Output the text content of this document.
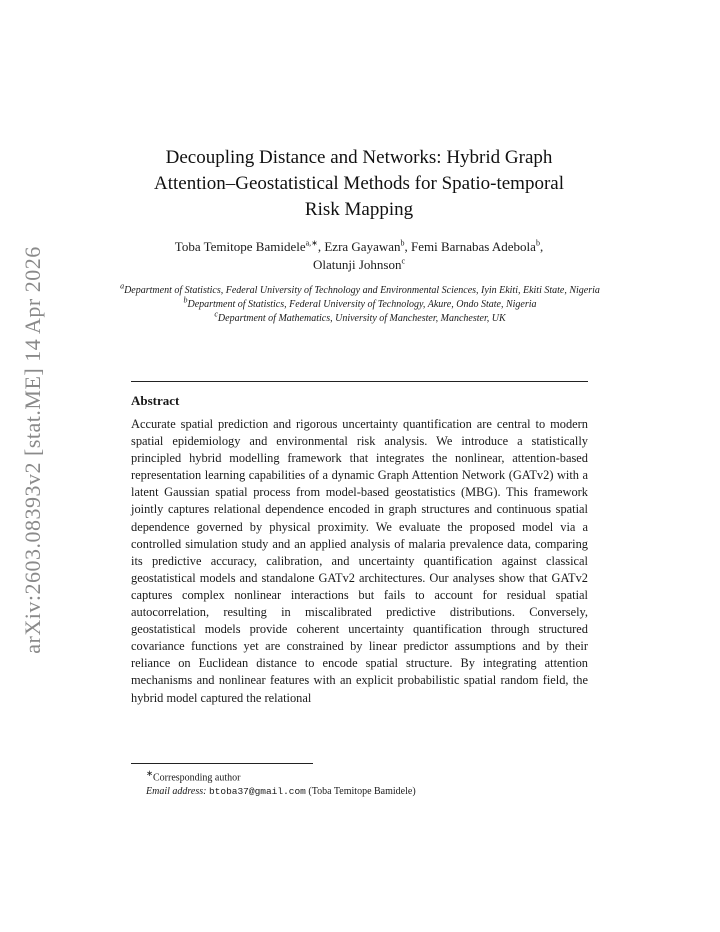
arXiv:2603.08393v2 [stat.ME] 14 Apr 2026
Decoupling Distance and Networks: Hybrid Graph
Attention–Geostatistical Methods for Spatio-temporal
Risk Mapping
Toba Temitope Bamidele$^{a,∗}$, Ezra Gayawan$^b$, Femi Barnabas Adebola$^b$,
Olatunji Johnson$^c$
$^a$Department of Statistics, Federal University of Technology and Environmental Sciences, Iyin Ekiti, Ekiti State, Nigeria
$^b$Department of Statistics, Federal University of Technology, Akure, Ondo State, Nigeria
$^c$Department of Mathematics, University of Manchester, Manchester, UK
Abstract
Accurate spatial prediction and rigorous uncertainty quantification are central to modern spatial epidemiology and environmental risk analysis. We introduce a statistically principled hybrid modelling framework that integrates the nonlinear, attention-based representation learning capabilities of a dynamic Graph Attention Network (GATv2) with a latent Gaussian spatial process from model-based geostatistics (MBG). This framework jointly captures relational dependence encoded in graph structures and continuous spatial dependence governed by physical proximity. We evaluate the proposed model via a controlled simulation study and an applied analysis of malaria prevalence data, comparing its predictive accuracy, calibration, and uncertainty quantification against classical geostatistical models and standalone GATv2 architectures. Our analyses show that GATv2 captures complex nonlinear interactions but fails to account for residual spatial autocorrelation, resulting in miscalibrated predictive distributions. Conversely, geostatistical models provide coherent uncertainty quantification through structured covariance functions yet are constrained by linear predictor assumptions and by their reliance on Euclidean distance to encode spatial structure. By integrating attention mechanisms and nonlinear features with an explicit probabilistic spatial random field, the hybrid model captured the relational
∗Corresponding author
Email address: btoba37@gmail.com (Toba Temitope Bamidele)
